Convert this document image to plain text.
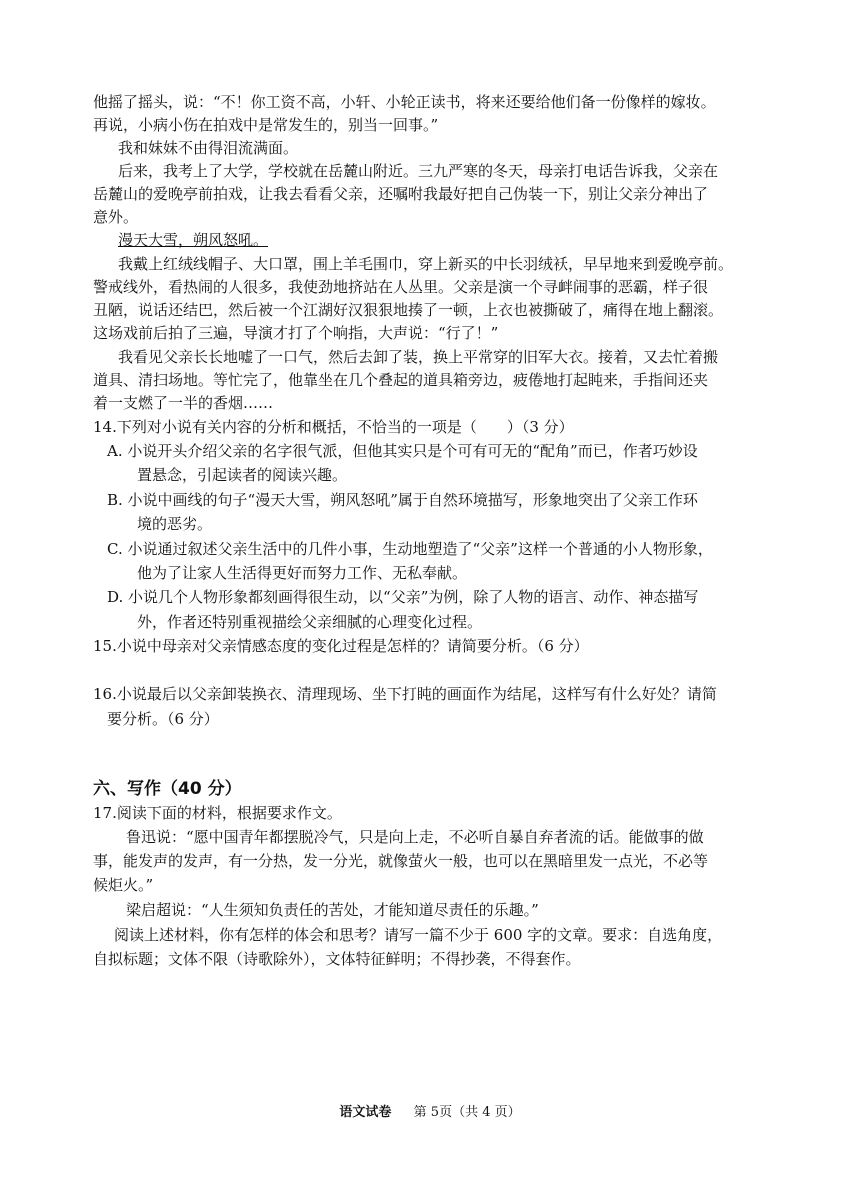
他摇了摇头，说：“不！你工资不高，小轩、小轮正读书，将来还要给他们备一份像样的嫁妆。
再说，小病小伤在拍戏中是常发生的，别当一回事。”
我和妹妹不由得泪流满面。
后来，我考上了大学，学校就在岳麓山附近。三九严寒的冬天，母亲打电话告诉我，父亲在
岳麓山的爱晚亭前拍戏，让我去看看父亲，还嘱咐我最好把自己伪装一下，别让父亲分神出了
意外。
漫天大雪，朔风怒吼。
我戴上红绒线帽子、大口罩，围上羊毛围巾，穿上新买的中长羽绒袄，早早地来到爱晚亭前。
警戒线外，看热闹的人很多，我使劲地挤站在人丛里。父亲是演一个寻衅闹事的恶霸，样子很
丑陋，说话还结巴，然后被一个江湖好汉狠狠地揍了一顿，上衣也被撕破了，痛得在地上翻滚。
这场戏前后拍了三遍，导演才打了个响指，大声说：“行了！”
我看见父亲长长地嘘了一口气，然后去卸了装，换上平常穿的旧军大衣。接着，又去忙着搬
道具、清扫场地。等忙完了，他靠坐在几个叠起的道具箱旁边，疲倦地打起盹来，手指间还夹
着一支燃了一半的香烟……
14.下列对小说有关内容的分析和概括，不恰当的一项是（　　）（3 分）
A. 小说开头介绍父亲的名字很气派，但他其实只是个可有可无的“配角”而已，作者巧妙设
置悬念，引起读者的阅读兴趣。
B. 小说中画线的句子“漫天大雪，朔风怒吼”属于自然环境描写，形象地突出了父亲工作环
境的恶劣。
C. 小说通过叙述父亲生活中的几件小事，生动地塑造了“父亲”这样一个普通的小人物形象，
他为了让家人生活得更好而努力工作、无私奉献。
D. 小说几个人物形象都刻画得很生动，以“父亲”为例，除了人物的语言、动作、神态描写
外，作者还特别重视描绘父亲细腻的心理变化过程。
15.小说中母亲对父亲情感态度的变化过程是怎样的？请简要分析。（6 分）
16.小说最后以父亲卸装换衣、清理现场、坐下打盹的画面作为结尾，这样写有什么好处？请简
要分析。（6 分）
六、写作（40 分）
17.阅读下面的材料，根据要求作文。
鲁迅说：“愿中国青年都摆脱冷气，只是向上走，不必听自暴自弃者流的话。能做事的做
事，能发声的发声，有一分热，发一分光，就像萤火一般，也可以在黑暗里发一点光，不必等
候炬火。”
梁启超说：“人生须知负责任的苦处，才能知道尽责任的乐趣。”
阅读上述材料，你有怎样的体会和思考？请写一篇不少于 600 字的文章。要求：自选角度，
自拟标题；文体不限（诗歌除外），文体特征鲜明；不得抄袭，不得套作。
语文试卷 第 5页（共 4 页）
